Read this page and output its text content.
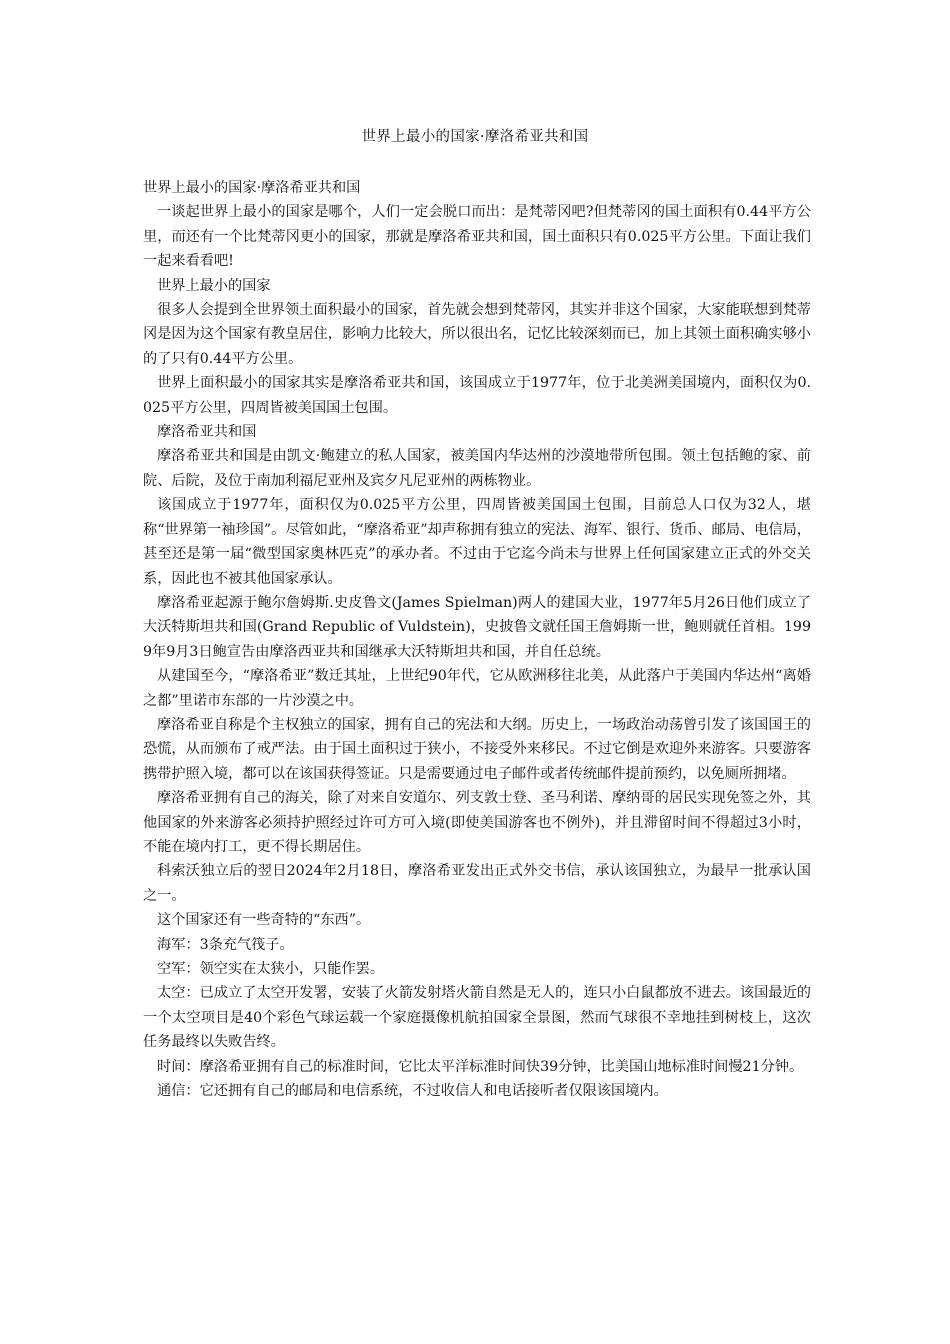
世界上最小的国家·摩洛希亚共和国

世界上最小的国家·摩洛希亚共和国

一谈起世界上最小的国家是哪个，人们一定会脱口而出：是梵蒂冈吧?但梵蒂冈的国土面积有0.44平方公里，而还有一个比梵蒂冈更小的国家，那就是摩洛希亚共和国，国土面积只有0.025平方公里。下面让我们一起来看看吧!

世界上最小的国家

很多人会提到全世界领土面积最小的国家，首先就会想到梵蒂冈，其实并非这个国家，大家能联想到梵蒂冈是因为这个国家有教皇居住，影响力比较大，所以很出名，记忆比较深刻而已，加上其领土面积确实够小的了只有0.44平方公里。

世界上面积最小的国家其实是摩洛希亚共和国，该国成立于1977年，位于北美洲美国境内，面积仅为0.025平方公里，四周皆被美国国土包围。

摩洛希亚共和国

摩洛希亚共和国是由凯文·鲍建立的私人国家，被美国内华达州的沙漠地带所包围。领土包括鲍的家、前院、后院，及位于南加利福尼亚州及宾夕凡尼亚州的两栋物业。

该国成立于1977年，面积仅为0.025平方公里，四周皆被美国国土包围，目前总人口仅为32人，堪称“世界第一袖珍国”。尽管如此，“摩洛希亚”却声称拥有独立的宪法、海军、银行、货币、邮局、电信局，甚至还是第一届“微型国家奥林匹克”的承办者。不过由于它迄今尚未与世界上任何国家建立正式的外交关系，因此也不被其他国家承认。

摩洛希亚起源于鲍尔詹姆斯.史皮鲁文(James Spielman)两人的建国大业，1977年5月26日他们成立了大沃特斯坦共和国(Grand Republic of Vuldstein)，史披鲁文就任国王詹姆斯一世，鲍则就任首相。1999年9月3日鲍宣告由摩洛西亚共和国继承大沃特斯坦共和国，并自任总统。

从建国至今，“摩洛希亚”数迁其址，上世纪90年代，它从欧洲移往北美，从此落户于美国内华达州“离婚之都”里诺市东部的一片沙漠之中。

摩洛希亚自称是个主权独立的国家，拥有自己的宪法和大纲。历史上，一场政治动荡曾引发了该国国王的恐慌，从而颁布了戒严法。由于国土面积过于狭小，不接受外来移民。不过它倒是欢迎外来游客。只要游客携带护照入境，都可以在该国获得签证。只是需要通过电子邮件或者传统邮件提前预约，以免厕所拥堵。

摩洛希亚拥有自己的海关，除了对来自安道尔、列支敦士登、圣马利诺、摩纳哥的居民实现免签之外，其他国家的外来游客必须持护照经过许可方可入境(即使美国游客也不例外)，并且滞留时间不得超过3小时，不能在境内打工，更不得长期居住。

科索沃独立后的翌日2024年2月18日，摩洛希亚发出正式外交书信，承认该国独立，为最早一批承认国之一。

这个国家还有一些奇特的“东西”。

海军：3条充气筏子。

空军：领空实在太狭小，只能作罢。

太空：已成立了太空开发署，安装了火箭发射塔火箭自然是无人的，连只小白鼠都放不进去。该国最近的一个太空项目是40个彩色气球运载一个家庭摄像机航拍国家全景图，然而气球很不幸地挂到树枝上，这次任务最终以失败告终。

时间：摩洛希亚拥有自己的标准时间，它比太平洋标准时间快39分钟，比美国山地标准时间慢21分钟。

通信：它还拥有自己的邮局和电信系统，不过收信人和电话接听者仅限该国境内。
